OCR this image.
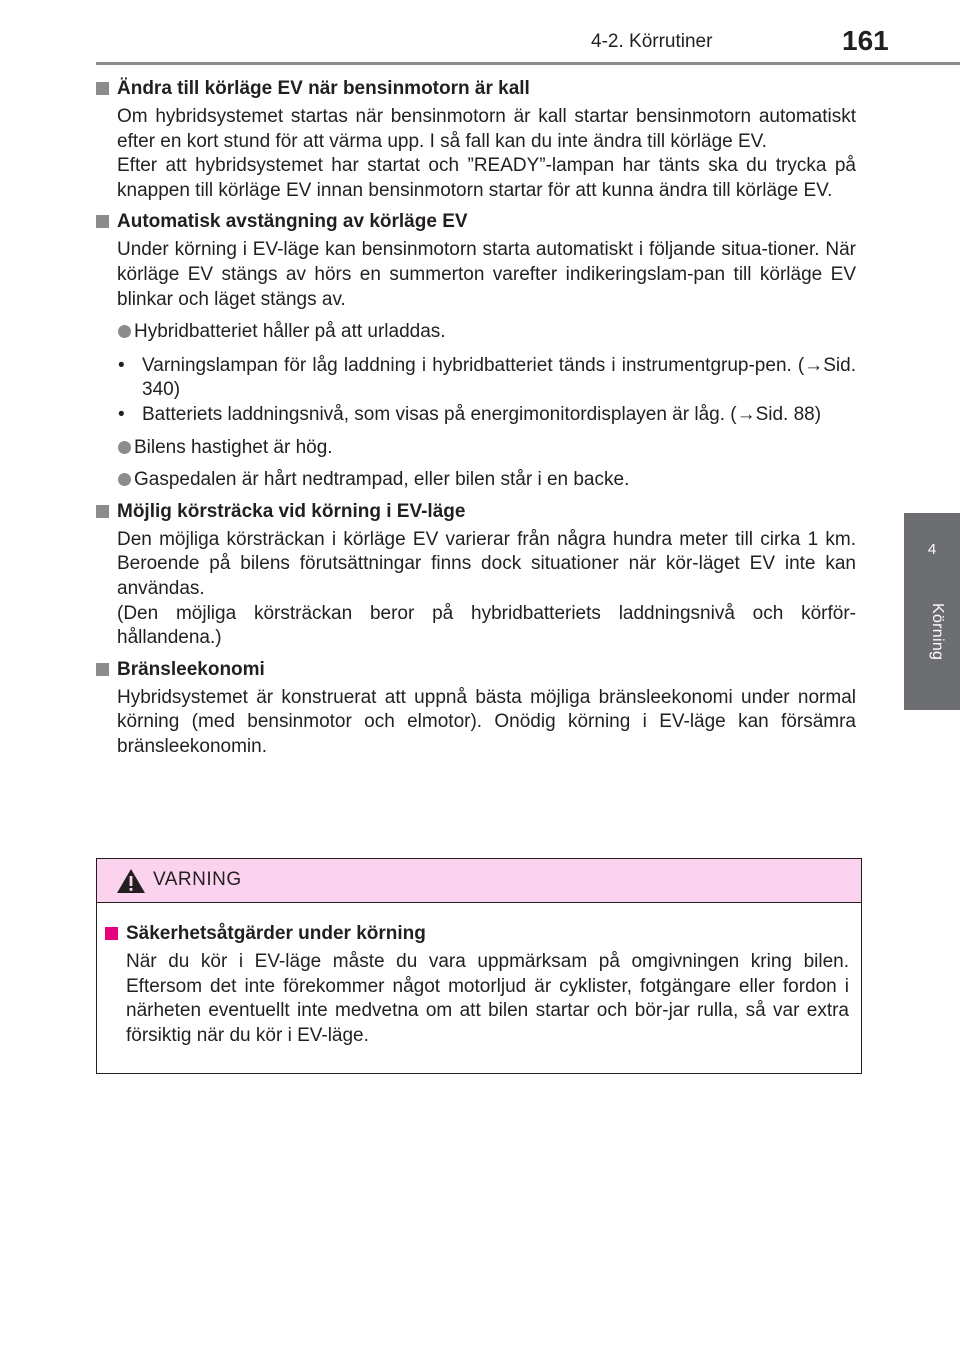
4-2. Körrutiner	161
4
Körning
Ändra till körläge EV när bensinmotorn är kall
Om hybridsystemet startas när bensinmotorn är kall startar bensinmotorn automatiskt efter en kort stund för att värma upp. I så fall kan du inte ändra till körläge EV.
Efter att hybridsystemet har startat och ”READY”-lampan har tänts ska du trycka på knappen till körläge EV innan bensinmotorn startar för att kunna ändra till körläge EV.
Automatisk avstängning av körläge EV
Under körning i EV-läge kan bensinmotorn starta automatiskt i följande situa-tioner. När körläge EV stängs av hörs en summerton varefter indikeringslam-pan till körläge EV blinkar och läget stängs av.
Hybridbatteriet håller på att urladdas.
• Varningslampan för låg laddning i hybridbatteriet tänds i instrumentgrup-pen. (→Sid. 340)
• Batteriets laddningsnivå, som visas på energimonitordisplayen är låg. (→Sid. 88)
Bilens hastighet är hög.
Gaspedalen är hårt nedtrampad, eller bilen står i en backe.
Möjlig körsträcka vid körning i EV-läge
Den möjliga körsträckan i körläge EV varierar från några hundra meter till cirka 1 km. Beroende på bilens förutsättningar finns dock situationer när kör-läget EV inte kan användas.
(Den möjliga körsträckan beror på hybridbatteriets laddningsnivå och körför-hållandena.)
Bränsleekonomi
Hybridsystemet är konstruerat att uppnå bästa möjliga bränsleekonomi under normal körning (med bensinmotor och elmotor). Onödig körning i EV-läge kan försämra bränsleekonomin.
VARNING
Säkerhetsåtgärder under körning
När du kör i EV-läge måste du vara uppmärksam på omgivningen kring bilen. Eftersom det inte förekommer något motorljud är cyklister, fotgängare eller fordon i närheten eventuellt inte medvetna om att bilen startar och bör-jar rulla, så var extra försiktig när du kör i EV-läge.
